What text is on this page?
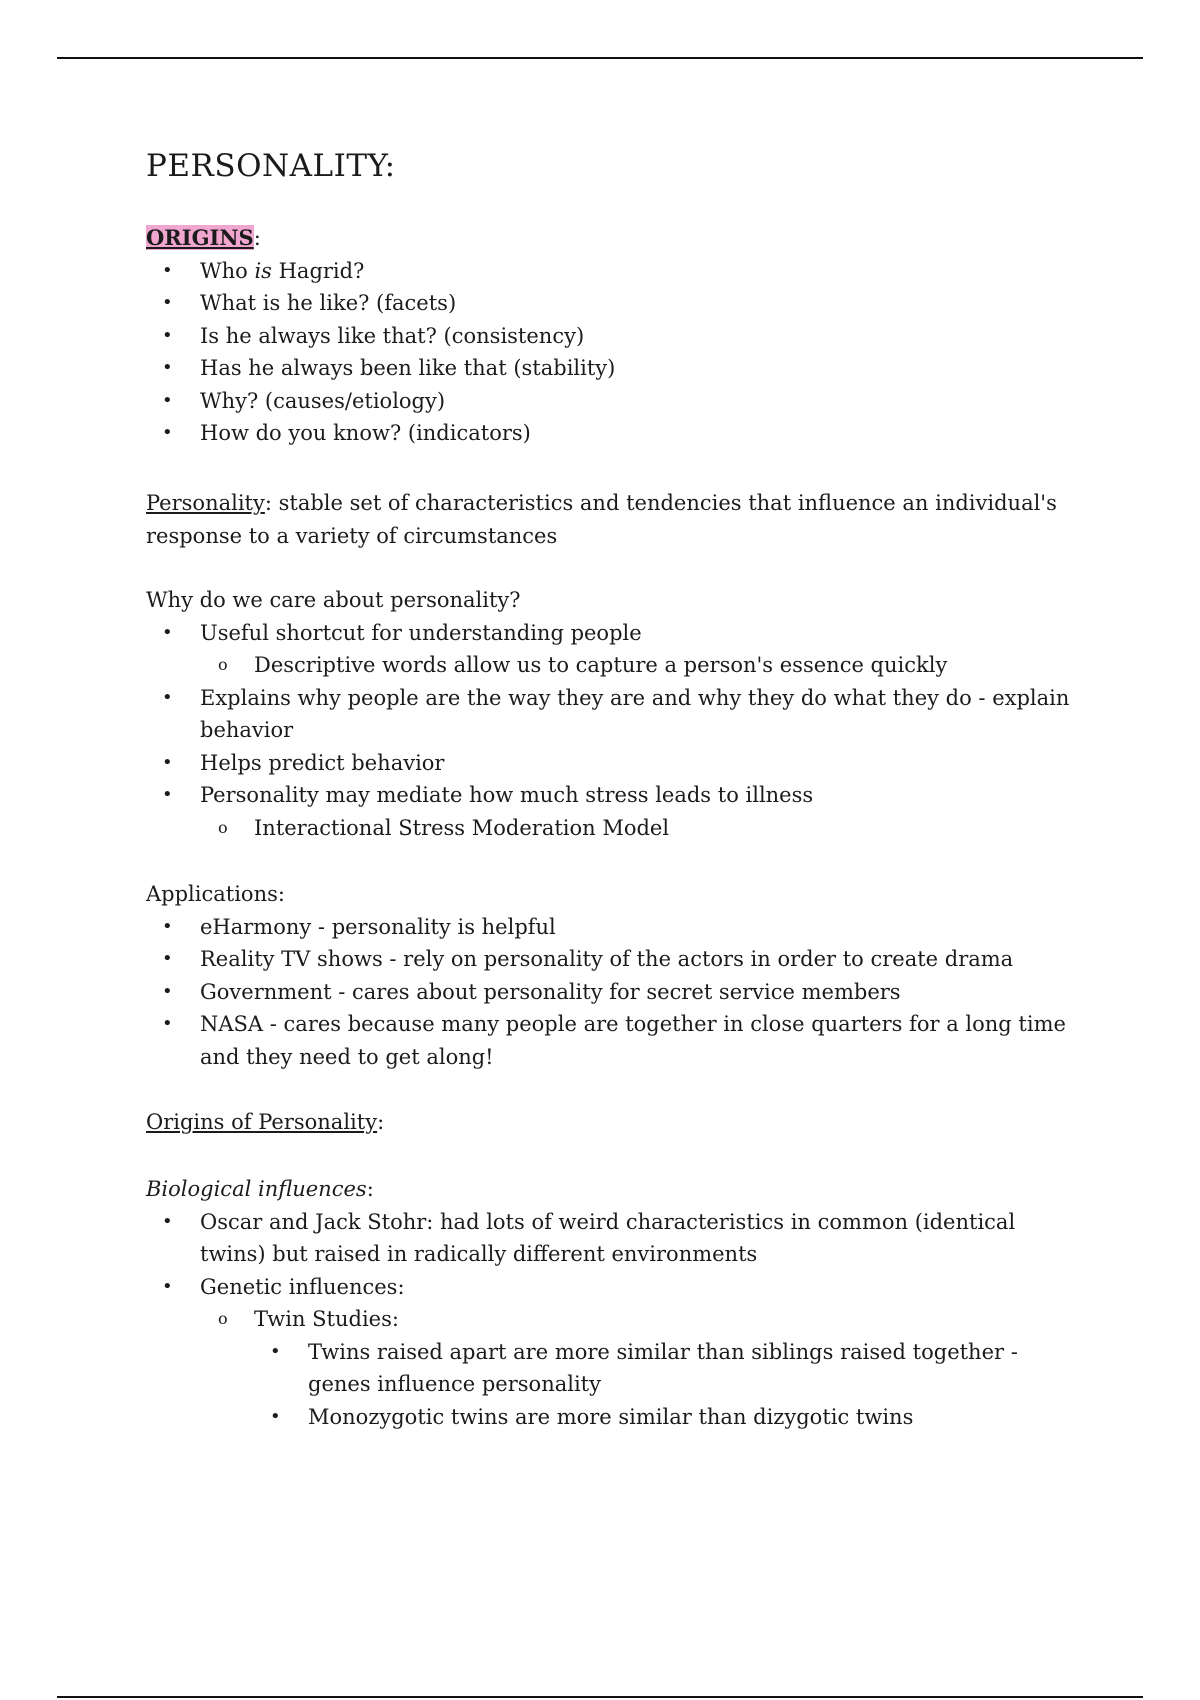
PERSONALITY:
ORIGINS:
• Who is Hagrid?
• What is he like? (facets)
• Is he always like that? (consistency)
• Has he always been like that (stability)
• Why? (causes/etiology)
• How do you know? (indicators)
Personality: stable set of characteristics and tendencies that influence an individual's response to a variety of circumstances
Why do we care about personality?
• Useful shortcut for understanding people
o Descriptive words allow us to capture a person's essence quickly
• Explains why people are the way they are and why they do what they do - explain behavior
• Helps predict behavior
• Personality may mediate how much stress leads to illness
o Interactional Stress Moderation Model
Applications:
• eHarmony - personality is helpful
• Reality TV shows - rely on personality of the actors in order to create drama
• Government - cares about personality for secret service members
• NASA - cares because many people are together in close quarters for a long time and they need to get along!
Origins of Personality:
Biological influences:
• Oscar and Jack Stohr: had lots of weird characteristics in common (identical twins) but raised in radically different environments
• Genetic influences:
o Twin Studies:
• Twins raised apart are more similar than siblings raised together - genes influence personality
• Monozygotic twins are more similar than dizygotic twins
